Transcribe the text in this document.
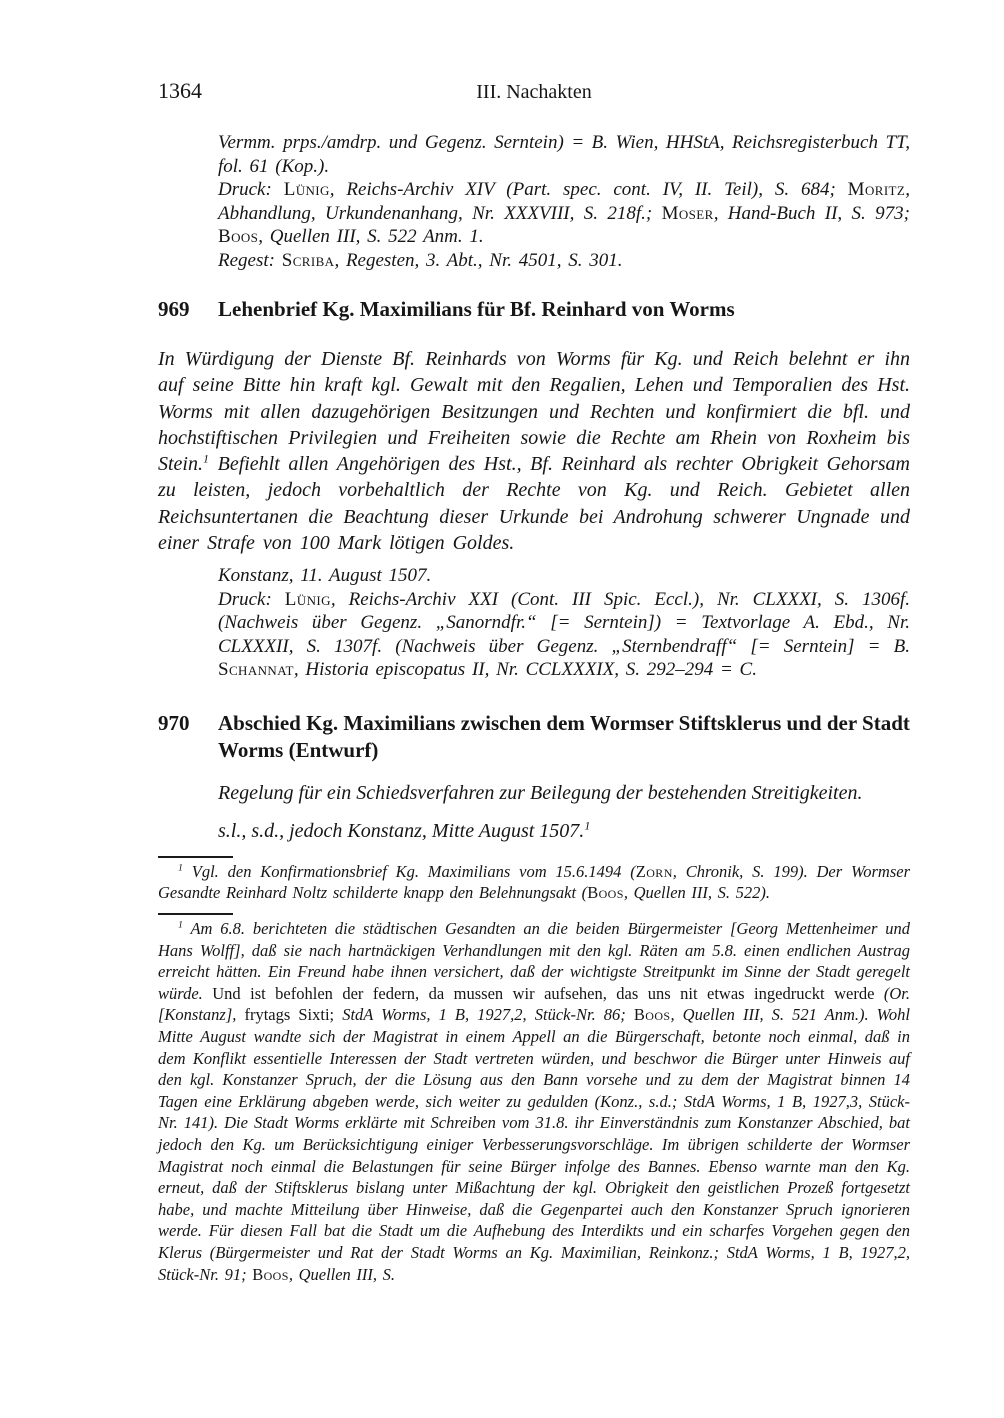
1364	III. Nachakten

Vermm. prps./amdrp. und Gegenz. Serntein) = B. Wien, HHStA, Reichsregisterbuch TT, fol. 61 (Kop.).

Druck: Lünig, Reichs-Archiv XIV (Part. spec. cont. IV, II. Teil), S. 684; Moritz, Abhandlung, Urkundenanhang, Nr. XXXVIII, S. 218f.; Moser, Hand-Buch II, S. 973; Boos, Quellen III, S. 522 Anm. 1.

Regest: Scriba, Regesten, 3. Abt., Nr. 4501, S. 301.

969	Lehenbrief Kg. Maximilians für Bf. Reinhard von Worms

In Würdigung der Dienste Bf. Reinhards von Worms für Kg. und Reich belehnt er ihn auf seine Bitte hin kraft kgl. Gewalt mit den Regalien, Lehen und Temporalien des Hst. Worms mit allen dazugehörigen Besitzungen und Rechten und konfirmiert die bfl. und hochstiftischen Privilegien und Freiheiten sowie die Rechte am Rhein von Roxheim bis Stein.$^1$ Befiehlt allen Angehörigen des Hst., Bf. Reinhard als rechter Obrigkeit Gehorsam zu leisten, jedoch vorbehaltlich der Rechte von Kg. und Reich. Gebietet allen Reichsuntertanen die Beachtung dieser Urkunde bei Androhung schwerer Ungnade und einer Strafe von 100 Mark lötigen Goldes.

Konstanz, 11. August 1507.

Druck: Lünig, Reichs-Archiv XXI (Cont. III Spic. Eccl.), Nr. CLXXXI, S. 1306f. (Nachweis über Gegenz. „Sanorndfr.“ [= Serntein]) = Textvorlage A. Ebd., Nr. CLXXXII, S. 1307f. (Nachweis über Gegenz. „Sternbendraff“ [= Serntein] = B. Schannat, Historia episcopatus II, Nr. CCLXXXIX, S. 292–294 = C.

970	Abschied Kg. Maximilians zwischen dem Wormser Stiftsklerus und der Stadt Worms (Entwurf)

Regelung für ein Schiedsverfahren zur Beilegung der bestehenden Streitigkeiten.

s.l., s.d., jedoch Konstanz, Mitte August 1507.$^1$

$^1$ Vgl. den Konfirmationsbrief Kg. Maximilians vom 15.6.1494 (Zorn, Chronik, S. 199). Der Wormser Gesandte Reinhard Noltz schilderte knapp den Belehnungsakt (Boos, Quellen III, S. 522).

$^1$ Am 6.8. berichteten die städtischen Gesandten an die beiden Bürgermeister [Georg Mettenheimer und Hans Wolff], daß sie nach hartnäckigen Verhandlungen mit den kgl. Räten am 5.8. einen endlichen Austrag erreicht hätten. Ein Freund habe ihnen versichert, daß der wichtigste Streitpunkt im Sinne der Stadt geregelt würde. Und ist befohlen der federn, da mussen wir aufsehen, das uns nit etwas ingedruckt werde (Or. [Konstanz], frytags Sixti; StdA Worms, 1 B, 1927,2, Stück-Nr. 86; Boos, Quellen III, S. 521 Anm.). Wohl Mitte August wandte sich der Magistrat in einem Appell an die Bürgerschaft, betonte noch einmal, daß in dem Konflikt essentielle Interessen der Stadt vertreten würden, und beschwor die Bürger unter Hinweis auf den kgl. Konstanzer Spruch, der die Lösung aus den Bann vorsehe und zu dem der Magistrat binnen 14 Tagen eine Erklärung abgeben werde, sich weiter zu gedulden (Konz., s.d.; StdA Worms, 1 B, 1927,3, Stück-Nr. 141). Die Stadt Worms erklärte mit Schreiben vom 31.8. ihr Einverständnis zum Konstanzer Abschied, bat jedoch den Kg. um Berücksichtigung einiger Verbesserungsvorschläge. Im übrigen schilderte der Wormser Magistrat noch einmal die Belastungen für seine Bürger infolge des Bannes. Ebenso warnte man den Kg. erneut, daß der Stiftsklerus bislang unter Mißachtung der kgl. Obrigkeit den geistlichen Prozeß fortgesetzt habe, und machte Mitteilung über Hinweise, daß die Gegenpartei auch den Konstanzer Spruch ignorieren werde. Für diesen Fall bat die Stadt um die Aufhebung des Interdikts und ein scharfes Vorgehen gegen den Klerus (Bürgermeister und Rat der Stadt Worms an Kg. Maximilian, Reinkonz.; StdA Worms, 1 B, 1927,2, Stück-Nr. 91; Boos, Quellen III, S.
